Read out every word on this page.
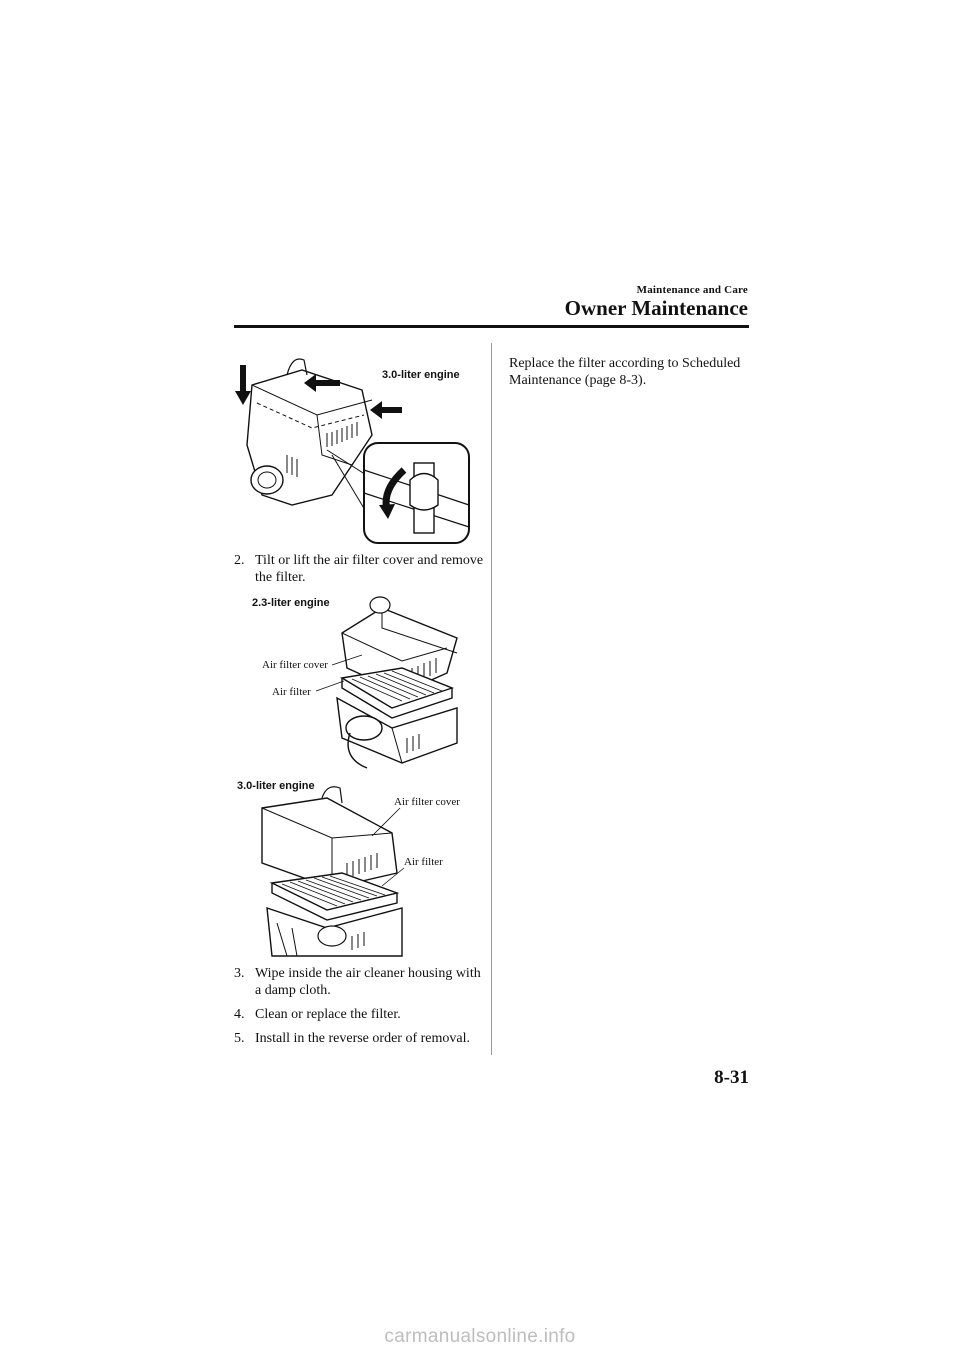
Maintenance and Care
Owner Maintenance
3.0-liter engine
2. Tilt or lift the air filter cover and remove the filter.
2.3-liter engine
Air filter cover
Air filter
3.0-liter engine
Air filter cover
Air filter
3. Wipe inside the air cleaner housing with a damp cloth.
4. Clean or replace the filter.
5. Install in the reverse order of removal.
Replace the filter according to Scheduled Maintenance (page 8-3).
8-31
carmanualsonline.info
